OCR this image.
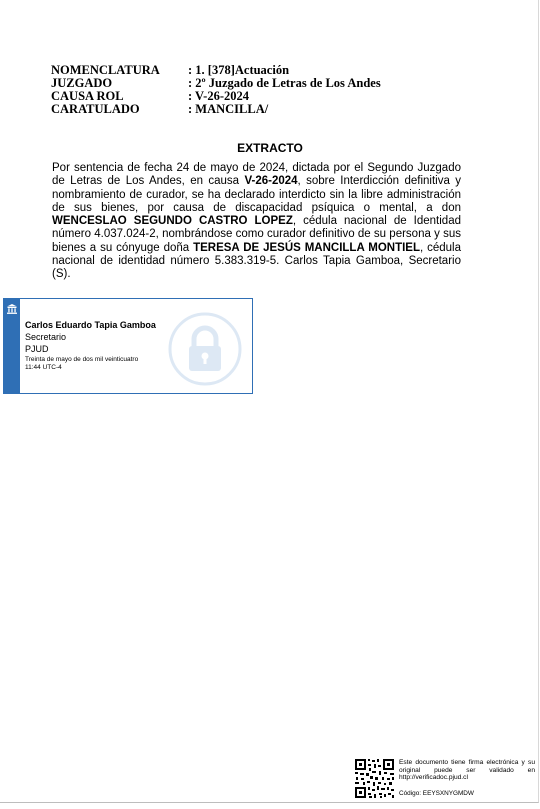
NOMENCLATURA	: 1. [378]Actuación
JUZGADO	: 2º Juzgado de Letras de Los Andes
CAUSA ROL	: V-26-2024
CARATULADO	: MANCILLA/
EXTRACTO

Por sentencia de fecha 24 de mayo de 2024, dictada por el Segundo Juzgado de Letras de Los Andes, en causa V-26-2024, sobre Interdicción definitiva y nombramiento de curador, se ha declarado interdicto sin la libre administración de sus bienes, por causa de discapacidad psíquica o mental, a don WENCESLAO SEGUNDO CASTRO LOPEZ, cédula nacional de Identidad número 4.037.024-2, nombrándose como curador definitivo de su persona y sus bienes a su cónyuge doña TERESA DE JESÚS MANCILLA MONTIEL, cédula nacional de identidad número 5.383.319-5. Carlos Tapia Gamboa, Secretario (S).

Carlos Eduardo Tapia Gamboa
Secretario
PJUD
Treinta de mayo de dos mil veinticuatro
11:44 UTC-4
Este documento tiene firma electrónica y su original puede ser validado en http://verificadoc.pjud.cl
Código: EEYSXNYGMDW
